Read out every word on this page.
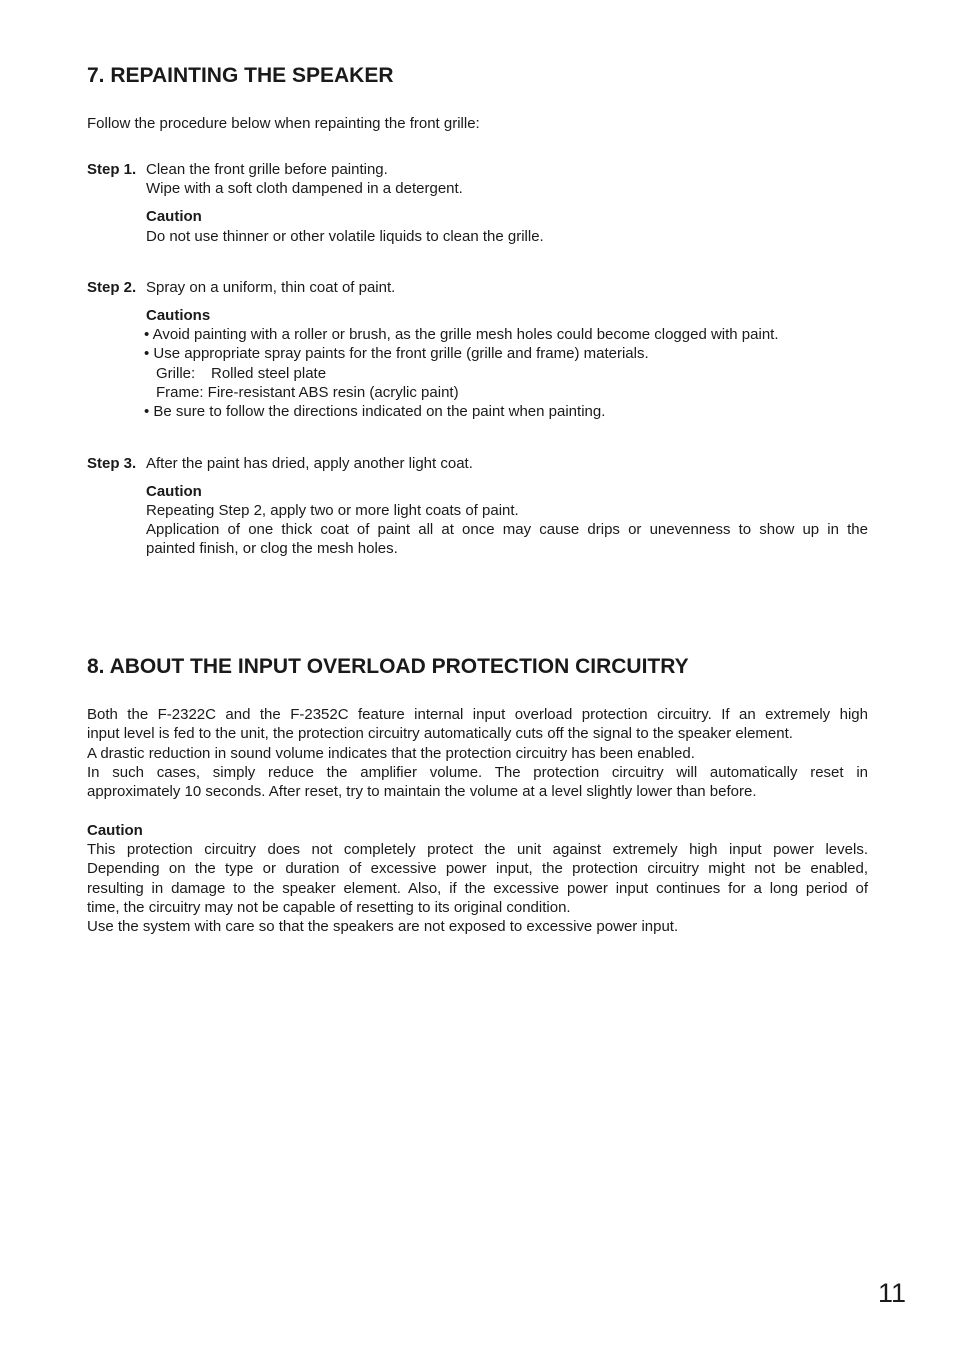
7. REPAINTING THE SPEAKER
Follow the procedure below when repainting the front grille:
Step 1. Clean the front grille before painting.
Wipe with a soft cloth dampened in a detergent.
Caution
Do not use thinner or other volatile liquids to clean the grille.
Step 2. Spray on a uniform, thin coat of paint.
Cautions
• Avoid painting with a roller or brush, as the grille mesh holes could become clogged with paint.
• Use appropriate spray paints for the front grille (grille and frame) materials.
Grille: Rolled steel plate
Frame: Fire-resistant ABS resin (acrylic paint)
• Be sure to follow the directions indicated on the paint when painting.
Step 3. After the paint has dried, apply another light coat.
Caution
Repeating Step 2, apply two or more light coats of paint.
Application of one thick coat of paint all at once may cause drips or unevenness to show up in the
painted finish, or clog the mesh holes.
8. ABOUT THE INPUT OVERLOAD PROTECTION CIRCUITRY
Both the F-2322C and the F-2352C feature internal input overload protection circuitry. If an extremely high
input level is fed to the unit, the protection circuitry automatically cuts off the signal to the speaker element.
A drastic reduction in sound volume indicates that the protection circuitry has been enabled.
In such cases, simply reduce the amplifier volume. The protection circuitry will automatically reset in
approximately 10 seconds. After reset, try to maintain the volume at a level slightly lower than before.
Caution
This protection circuitry does not completely protect the unit against extremely high input power levels.
Depending on the type or duration of excessive power input, the protection circuitry might not be enabled,
resulting in damage to the speaker element. Also, if the excessive power input continues for a long period of
time, the circuitry may not be capable of resetting to its original condition.
Use the system with care so that the speakers are not exposed to excessive power input.
11
